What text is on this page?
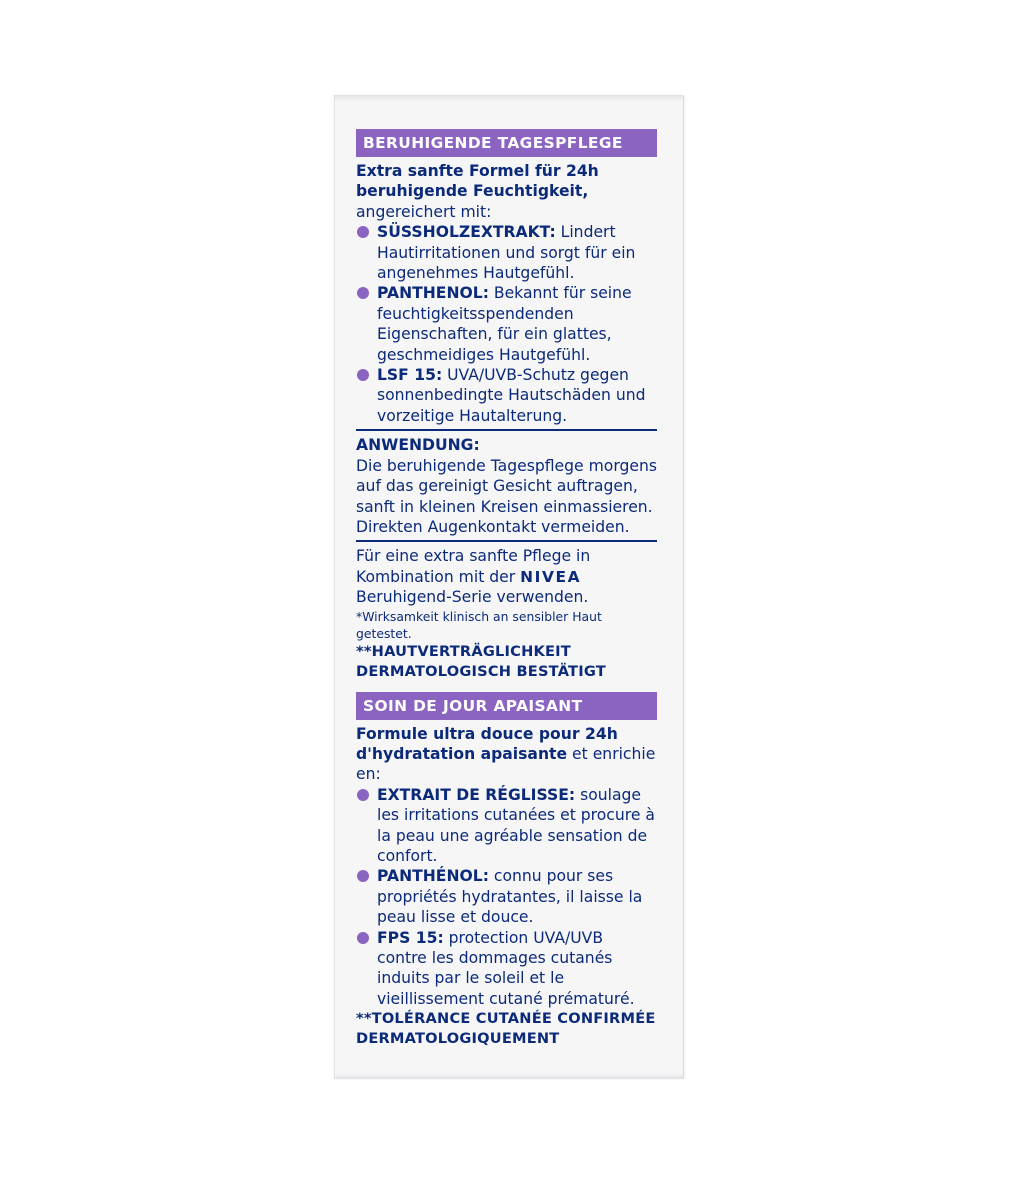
BERUHIGENDE TAGESPFLEGE
Extra sanfte Formel für 24h beruhigende Feuchtigkeit, angereichert mit:
SÜSSHOLZEXTRAKT: Lindert Hautirritationen und sorgt für ein angenehmes Hautgefühl.
PANTHENOL: Bekannt für seine feuchtigkeitsspendenden Eigenschaften, für ein glattes, geschmeidiges Hautgefühl.
LSF 15: UVA/UVB-Schutz gegen sonnenbedingte Hautschäden und vorzeitige Hautalterung.
ANWENDUNG:
Die beruhigende Tagespflege morgens auf das gereinigt Gesicht auftragen, sanft in kleinen Kreisen einmassieren. Direkten Augenkontakt vermeiden.
Für eine extra sanfte Pflege in Kombination mit der NIVEA Beruhigend-Serie verwenden.
*Wirksamkeit klinisch an sensibler Haut getestet.
**HAUTVERTRÄGLICHKEIT DERMATOLOGISCH BESTÄTIGT
SOIN DE JOUR APAISANT
Formule ultra douce pour 24h d'hydratation apaisante et enrichie en:
EXTRAIT DE RÉGLISSE: soulage les irritations cutanées et procure à la peau une agréable sensation de confort.
PANTHÉNOL: connu pour ses propriétés hydratantes, il laisse la peau lisse et douce.
FPS 15: protection UVA/UVB contre les dommages cutanés induits par le soleil et le vieillissement cutané prématuré.
**TOLÉRANCE CUTANÉE CONFIRMÉE DERMATOLOGIQUEMENT
